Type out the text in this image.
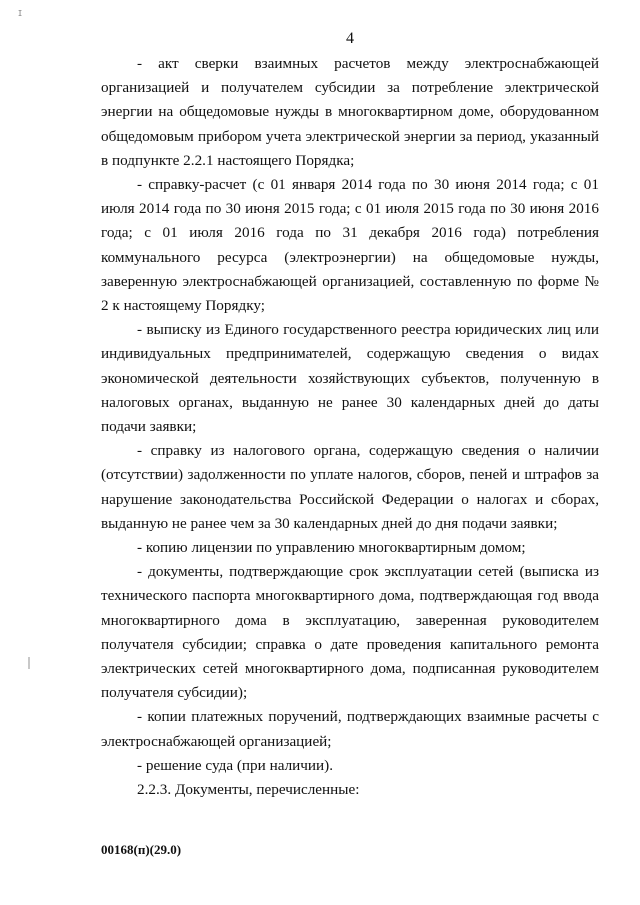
ɪ
4

- акт сверки взаимных расчетов между электроснабжающей организацией и получателем субсидии за потребление электрической энергии на общедомовые нужды в многоквартирном доме, оборудованном общедомовым прибором учета электрической энергии за период, указанный в подпункте 2.2.1 настоящего Порядка;

- справку-расчет (с 01 января 2014 года по 30 июня 2014 года; с 01 июля 2014 года по 30 июня 2015 года; с 01 июля 2015 года по 30 июня 2016 года; с 01 июля 2016 года по 31 декабря 2016 года) потребления коммунального ресурса (электроэнергии) на общедомовые нужды, заверенную электроснабжающей организацией, составленную по форме № 2 к настоящему Порядку;

- выписку из Единого государственного реестра юридических лиц или индивидуальных предпринимателей, содержащую сведения о видах экономической деятельности хозяйствующих субъектов, полученную в налоговых органах, выданную не ранее 30 календарных дней до даты подачи заявки;

- справку из налогового органа, содержащую сведения о наличии (отсутствии) задолженности по уплате налогов, сборов, пеней и штрафов за нарушение законодательства Российской Федерации о налогах и сборах, выданную не ранее чем за 30 календарных дней до дня подачи заявки;

- копию лицензии по управлению многоквартирным домом;

- документы, подтверждающие срок эксплуатации сетей (выписка из технического паспорта многоквартирного дома, подтверждающая год ввода многоквартирного дома в эксплуатацию, заверенная руководителем получателя субсидии; справка о дате проведения капитального ремонта электрических сетей многоквартирного дома, подписанная руководителем получателя субсидии);

- копии платежных поручений, подтверждающих взаимные расчеты с электроснабжающей организацией;

- решение суда (при наличии).

2.2.3. Документы, перечисленные:

00168(п)(29.0)
